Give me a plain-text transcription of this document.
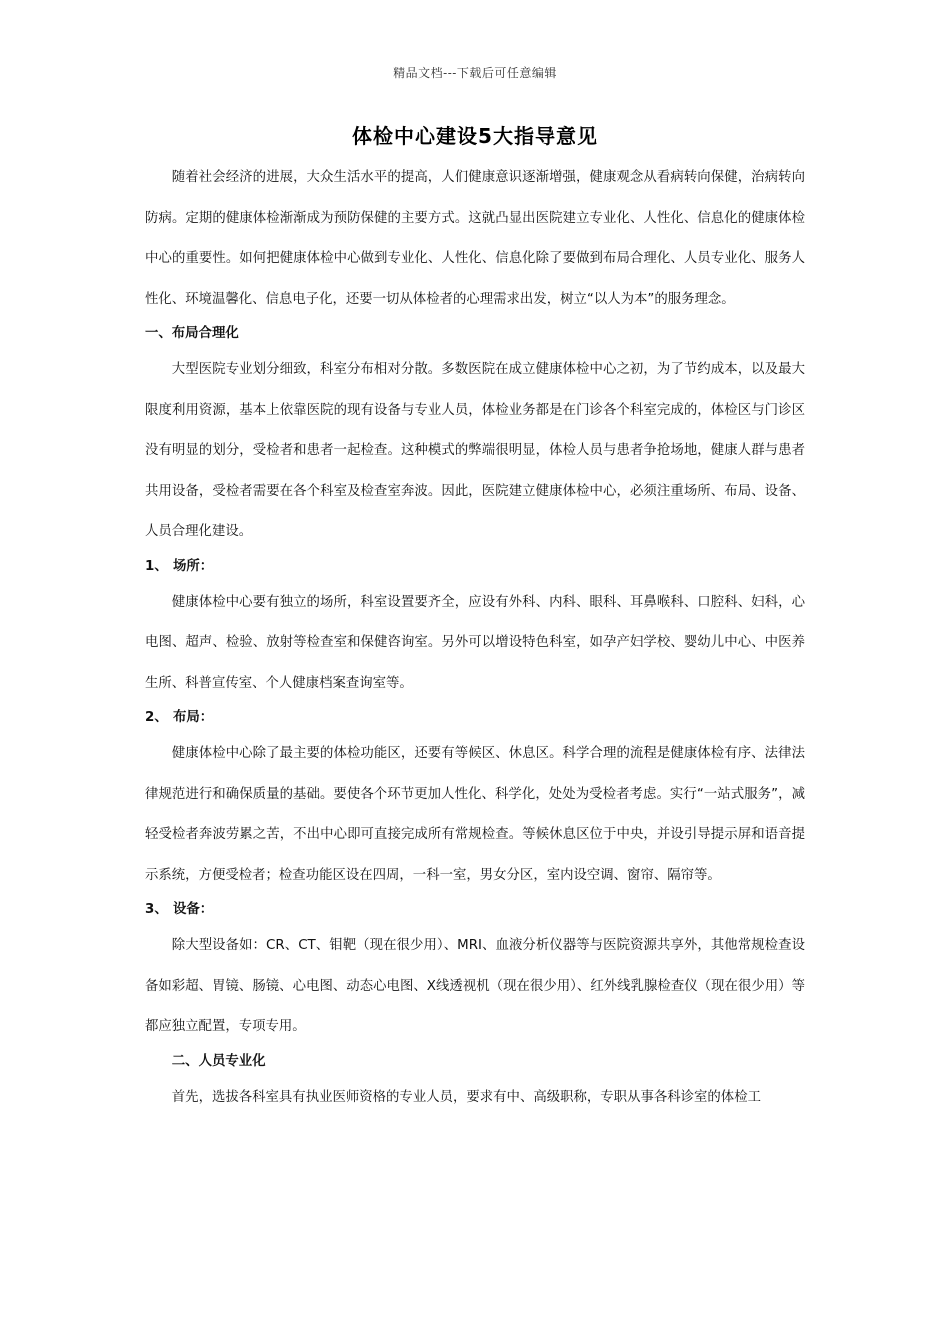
精品文档---下载后可任意编辑
体检中心建设5大指导意见

随着社会经济的进展，大众生活水平的提高，人们健康意识逐渐增强，健康观念从看病转向保健，治病转向防病。定期的健康体检渐渐成为预防保健的主要方式。这就凸显出医院建立专业化、人性化、信息化的健康体检中心的重要性。如何把健康体检中心做到专业化、人性化、信息化除了要做到布局合理化、人员专业化、服务人性化、环境温馨化、信息电子化，还要一切从体检者的心理需求出发，树立“以人为本”的服务理念。

一、布局合理化

大型医院专业划分细致，科室分布相对分散。多数医院在成立健康体检中心之初，为了节约成本，以及最大限度利用资源，基本上依靠医院的现有设备与专业人员，体检业务都是在门诊各个科室完成的，体检区与门诊区没有明显的划分，受检者和患者一起检查。这种模式的弊端很明显，体检人员与患者争抢场地，健康人群与患者共用设备，受检者需要在各个科室及检查室奔波。因此，医院建立健康体检中心，必须注重场所、布局、设备、人员合理化建设。

1、 场所：

健康体检中心要有独立的场所，科室设置要齐全，应设有外科、内科、眼科、耳鼻喉科、口腔科、妇科，心电图、超声、检验、放射等检查室和保健咨询室。另外可以增设特色科室，如孕产妇学校、婴幼儿中心、中医养生所、科普宣传室、个人健康档案查询室等。

2、 布局：

健康体检中心除了最主要的体检功能区，还要有等候区、休息区。科学合理的流程是健康体检有序、法律法律规范进行和确保质量的基础。要使各个环节更加人性化、科学化，处处为受检者考虑。实行“一站式服务”，减轻受检者奔波劳累之苦，不出中心即可直接完成所有常规检查。等候休息区位于中央，并设引导提示屏和语音提示系统，方便受检者；检查功能区设在四周，一科一室，男女分区，室内设空调、窗帘、隔帘等。

3、 设备：

除大型设备如：CR、CT、钼靶（现在很少用）、MRI、血液分析仪器等与医院资源共享外，其他常规检查设备如彩超、胃镜、肠镜、心电图、动态心电图、X线透视机（现在很少用）、红外线乳腺检查仪（现在很少用）等都应独立配置，专项专用。

二、人员专业化

首先，选拔各科室具有执业医师资格的专业人员，要求有中、高级职称，专职从事各科诊室的体检工
